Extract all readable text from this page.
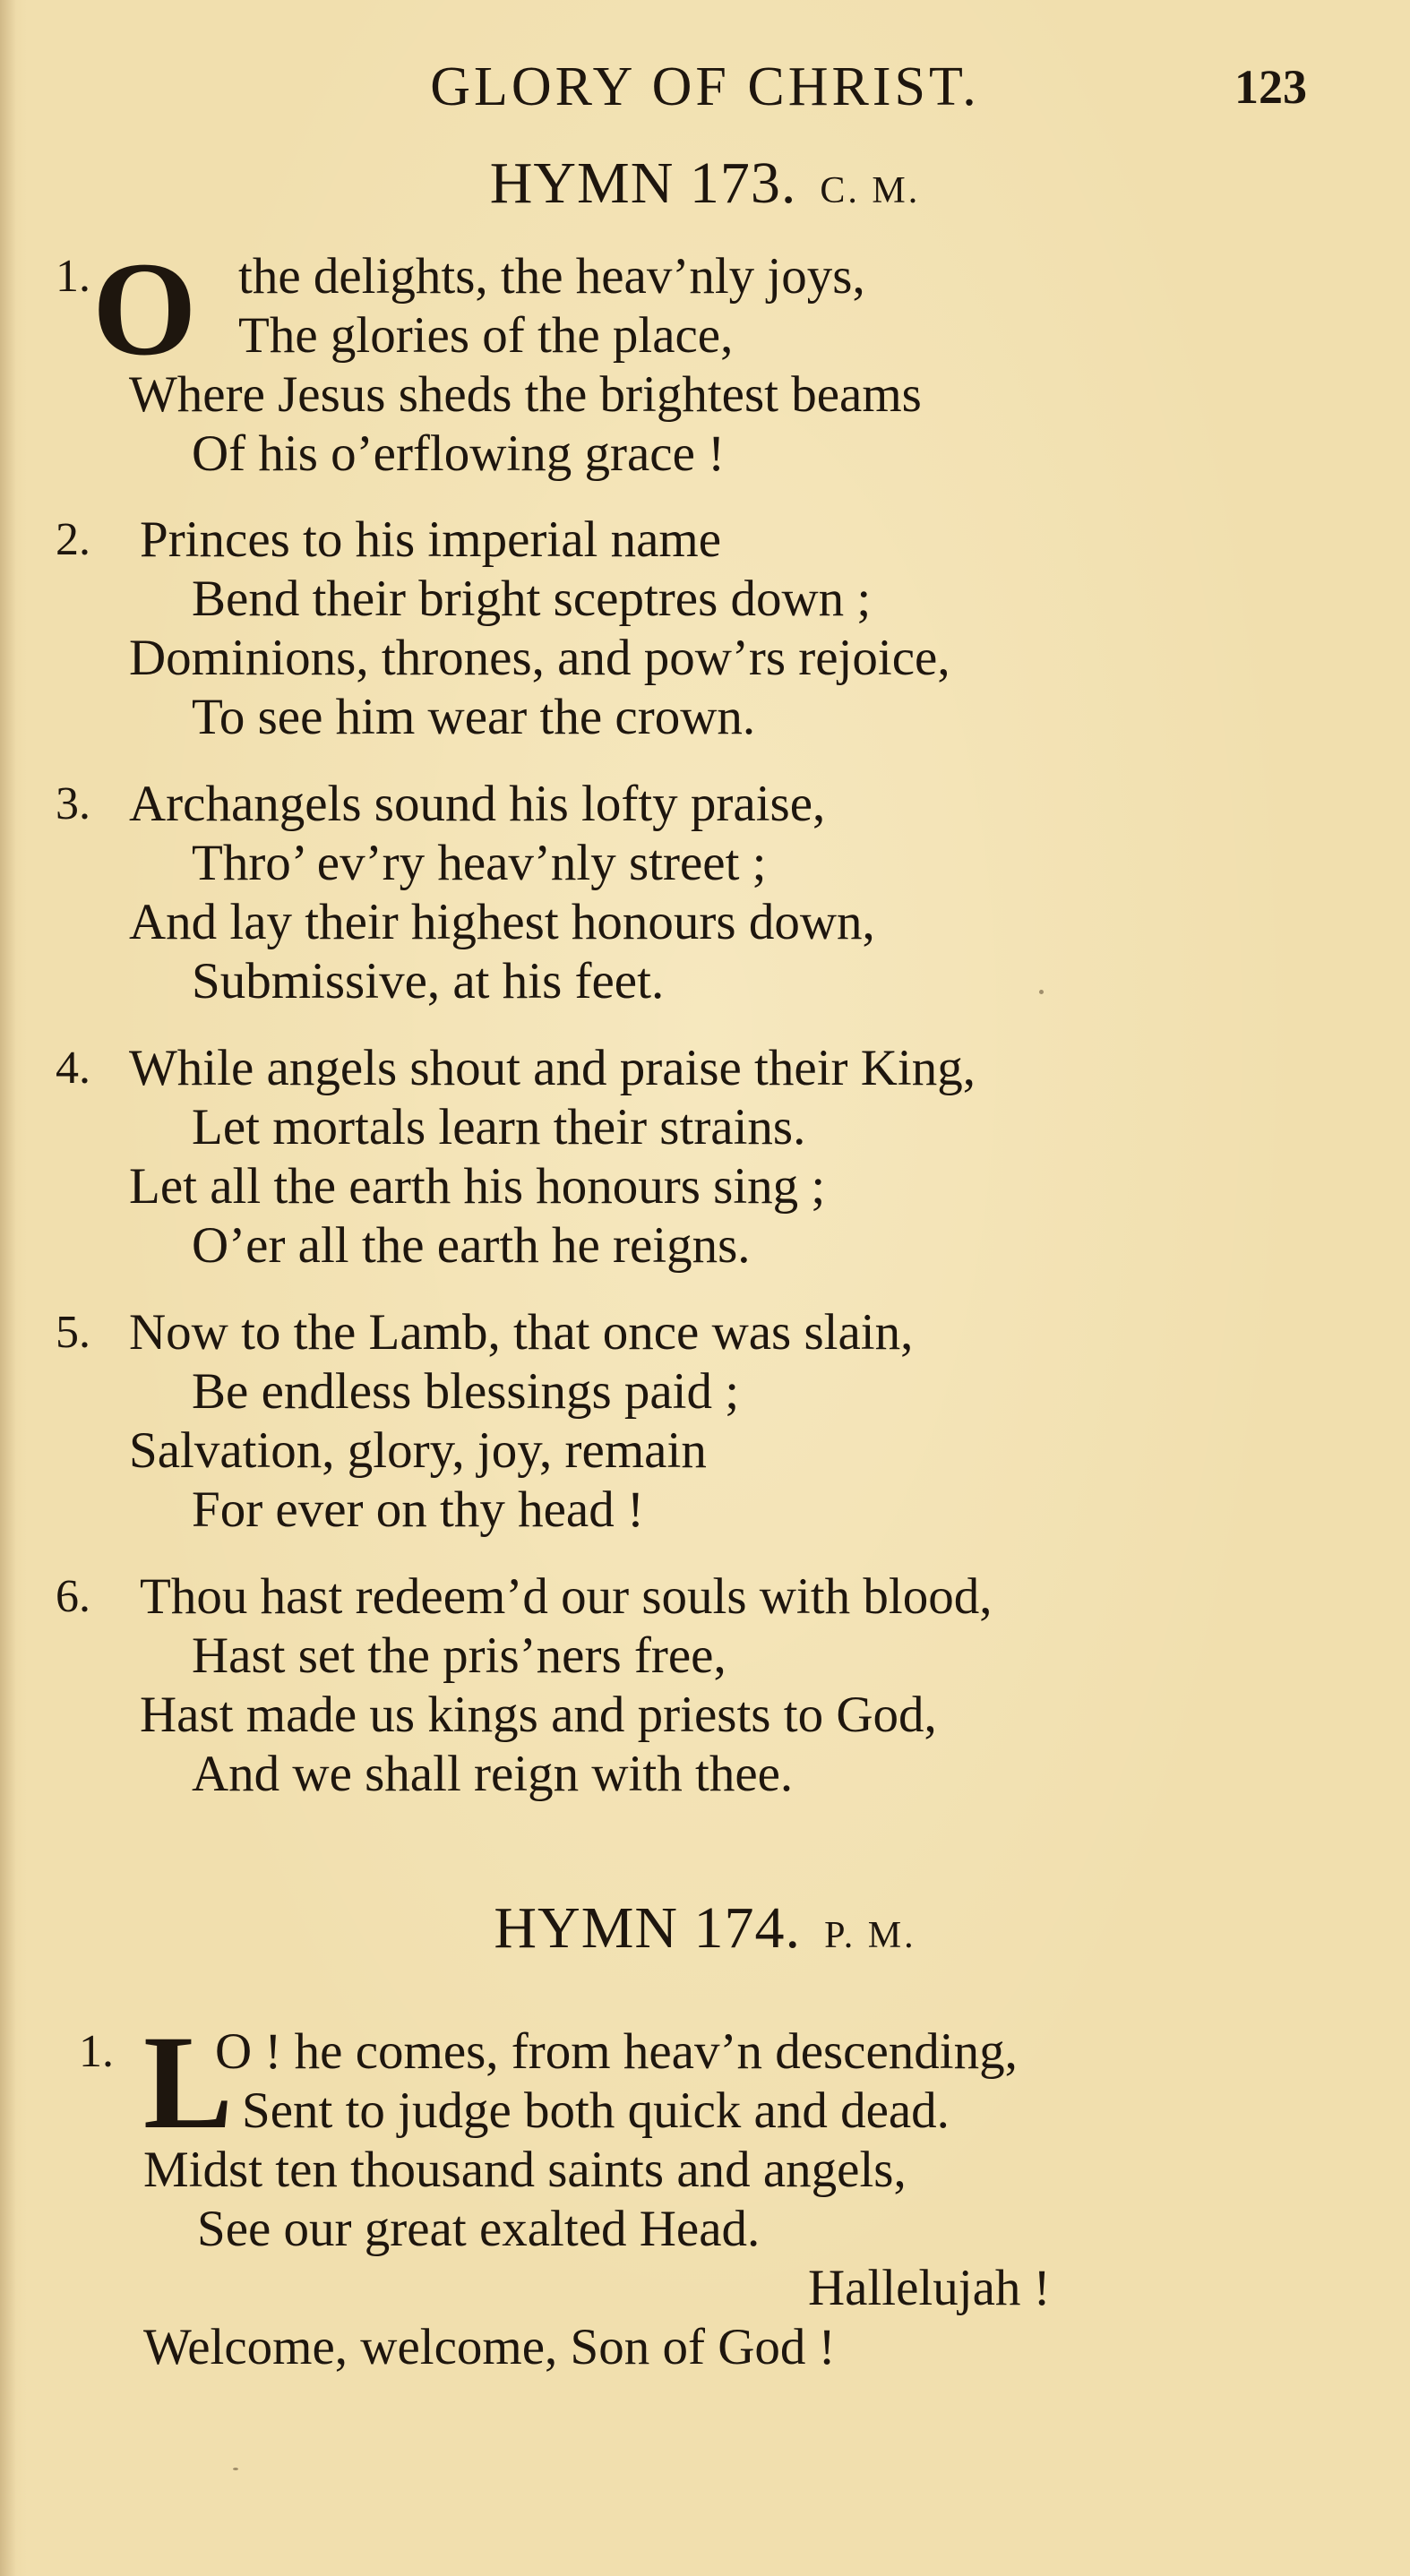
GLORY OF CHRIST.	123
HYMN 173. C. M.
1. O the delights, the heav’nly joys,
The glories of the place,
Where Jesus sheds the brightest beams
Of his o’erflowing grace !
2. Princes to his imperial name
Bend their bright sceptres down ;
Dominions, thrones, and pow’rs rejoice,
To see him wear the crown.
3. Archangels sound his lofty praise,
Thro’ ev’ry heav’nly street ;
And lay their highest honours down,
Submissive, at his feet.
4. While angels shout and praise their King,
Let mortals learn their strains.
Let all the earth his honours sing ;
O’er all the earth he reigns.
5. Now to the Lamb, that once was slain,
Be endless blessings paid ;
Salvation, glory, joy, remain
For ever on thy head !
6. Thou hast redeem’d our souls with blood,
Hast set the pris’ners free,
Hast made us kings and priests to God,
And we shall reign with thee.
HYMN 174. P. M.
1. L
O ! he comes, from heav’n descending,
Sent to judge both quick and dead.
Midst ten thousand saints and angels,
See our great exalted Head.
Hallelujah !
Welcome, welcome, Son of God !
